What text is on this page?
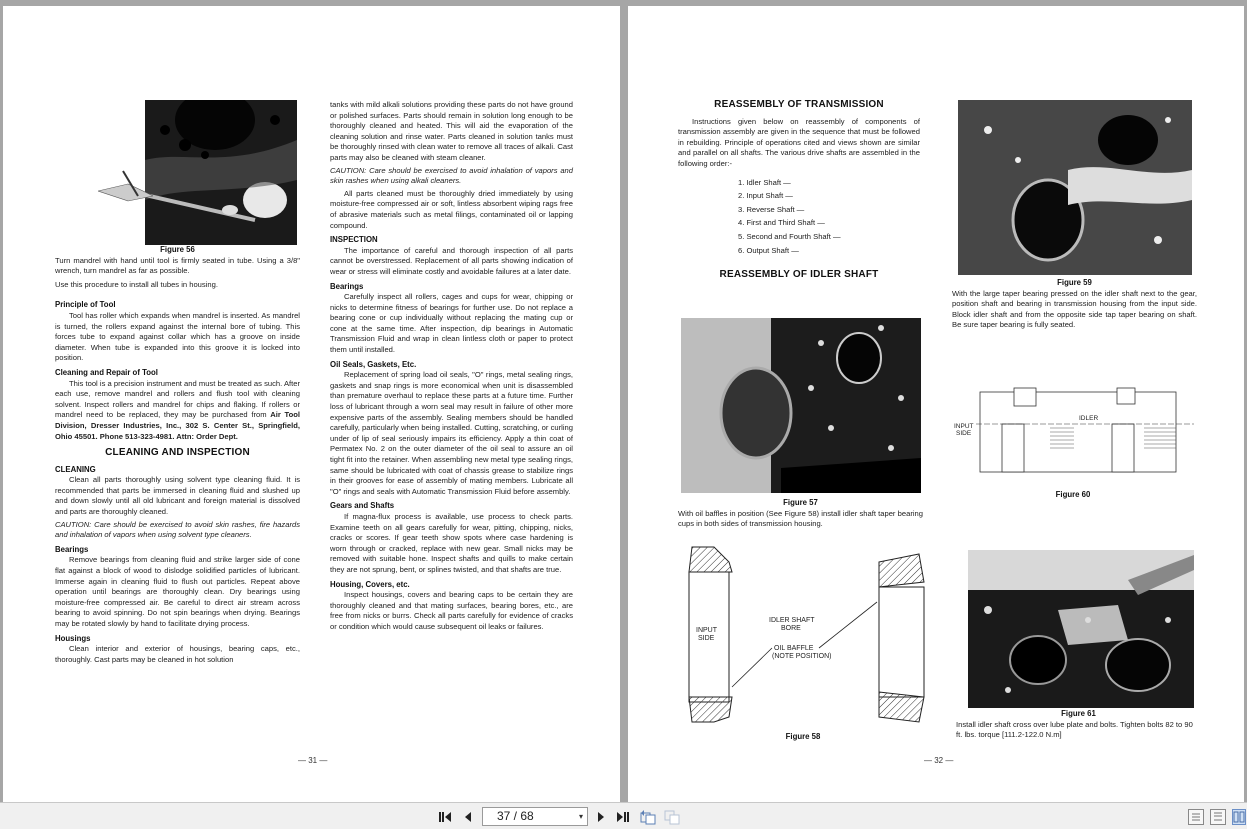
Figure 56

Turn mandrel with hand until tool is firmly seated in tube. Using a 3/8" wrench, turn mandrel as far as possible.

Use this procedure to install all tubes in housing.

Principle of Tool

Tool has roller which expands when mandrel is inserted. As mandrel is turned, the rollers expand against the internal bore of tubing. This forces tube to expand against collar which has a groove on inside diameter. When tube is expanded into this groove it is locked into position.

Cleaning and Repair of Tool

This tool is a precision instrument and must be treated as such. After each use, remove mandrel and rollers and flush tool with cleaning solvent. Inspect rollers and mandrel for chips and flaking. If rollers or mandrel need to be replaced, they may be purchased from Air Tool Division, Dresser Industries, Inc., 302 S. Center St., Springfield, Ohio 45501. Phone 513-323-4981. Attn: Order Dept.

CLEANING AND INSPECTION
CLEANING

Clean all parts thoroughly using solvent type cleaning fluid. It is recommended that parts be immersed in cleaning fluid and slushed up and down slowly until all old lubricant and foreign material is dissolved and parts are thoroughly cleaned.

CAUTION: Care should be exercised to avoid skin rashes, fire hazards and inhalation of vapors when using solvent type cleaners.

Bearings

Remove bearings from cleaning fluid and strike larger side of cone flat against a block of wood to dislodge solidified particles of lubricant. Immerse again in cleaning fluid to flush out particles. Repeat above operation until bearings are thoroughly clean. Dry bearings using moisture-free compressed air. Be careful to direct air stream across bearing to avoid spinning. Do not spin bearings when drying. Bearings may be rotated slowly by hand to facilitate drying process.

Housings

Clean interior and exterior of housings, bearing caps, etc., thoroughly. Cast parts may be cleaned in hot solution

tanks with mild alkali solutions providing these parts do not have ground or polished surfaces. Parts should remain in solution long enough to be thoroughly cleaned and heated. This will aid the evaporation of the cleaning solution and rinse water. Parts cleaned in solution tanks must be thoroughly rinsed with clean water to remove all traces of alkali. Cast parts may also be cleaned with steam cleaner.

CAUTION: Care should be exercised to avoid inhalation of vapors and skin rashes when using alkali cleaners.

All parts cleaned must be thoroughly dried immediately by using moisture-free compressed air or soft, lintless absorbent wiping rags free of abrasive materials such as metal filings, contaminated oil or lapping compound.

INSPECTION

The importance of careful and thorough inspection of all parts cannot be overstressed. Replacement of all parts showing indication of wear or stress will eliminate costly and avoidable failures at a later date.

Bearings

Carefully inspect all rollers, cages and cups for wear, chipping or nicks to determine fitness of bearings for further use. Do not replace a bearing cone or cup individually without replacing the mating cup or cone at the same time. After inspection, dip bearings in Automatic Transmission Fluid and wrap in clean lintless cloth or paper to protect them until installed.

Oil Seals, Gaskets, Etc.

Replacement of spring load oil seals, "O" rings, metal sealing rings, gaskets and snap rings is more economical when unit is disassembled than premature overhaul to replace these parts at a future time. Further loss of lubricant through a worn seal may result in failure of other more expensive parts of the assembly. Sealing members should be handled carefully, particularly when being installed. Cutting, scratching, or curling under of lip of seal seriously impairs its efficiency. Apply a thin coat of Permatex No. 2 on the outer diameter of the oil seal to assure an oil tight fit into the retainer. When assembling new metal type sealing rings, same should be lubricated with coat of chassis grease to stabilize rings in their grooves for ease of assembly of mating members. Lubricate all "O" rings and seals with Automatic Transmission Fluid before assembly.

Gears and Shafts

If magna-flux process is available, use process to check parts. Examine teeth on all gears carefully for wear, pitting, chipping, nicks, cracks or scores. If gear teeth show spots where case hardening is worn through or cracked, replace with new gear. Small nicks may be removed with suitable hone. Inspect shafts and quills to make certain they are not sprung, bent, or splines twisted, and that shafts are true.

Housing, Covers, etc.

Inspect housings, covers and bearing caps to be certain they are thoroughly cleaned and that mating surfaces, bearing bores, etc., are free from nicks or burrs. Check all parts carefully for evidence of cracks or condition which would cause subsequent oil leaks or failures.

— 31 —
REASSEMBLY OF TRANSMISSION

Instructions given below on reassembly of components of transmission assembly are given in the sequence that must be followed in rebuilding. Principle of operations cited and views shown are similar and parallel on all shafts. The various drive shafts are assembled in the following order:-

1. Idler Shaft —
2. Input Shaft —
3. Reverse Shaft —
4. First and Third Shaft —
5. Second and Fourth Shaft —
6. Output Shaft —
REASSEMBLY OF IDLER SHAFT
Figure 57

With oil baffles in position (See Figure 58) install idler shaft taper bearing cups in both sides of transmission housing.

INPUT
SIDE
IDLER SHAFT
BORE
OIL BAFFLE
(NOTE POSITION)
Figure 58
Figure 59

With the large taper bearing pressed on the idler shaft next to the gear, position shaft and bearing in transmission housing from the input side. Block idler shaft and from the opposite side tap taper bearing on shaft. Be sure taper bearing is fully seated.

INPUT
SIDE
IDLER
Figure 60
Figure 61

Install idler shaft cross over lube plate and bolts. Tighten bolts 82 to 90 ft. lbs. torque [111.2-122.0 N.m]

— 32 —
37 / 68	▾
